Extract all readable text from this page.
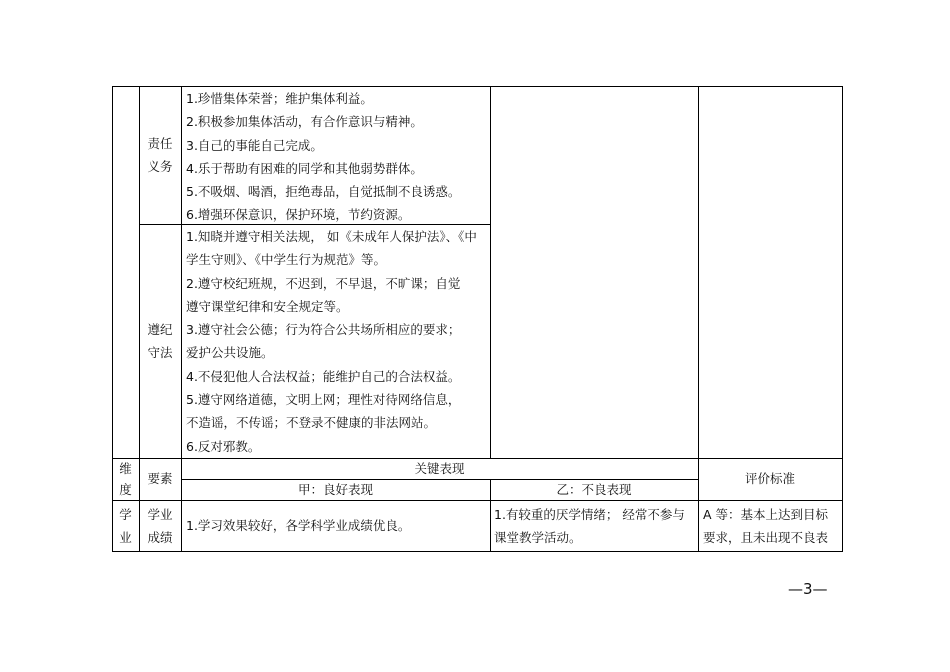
责任
义务
1.珍惜集体荣誉；维护集体利益。
2.积极参加集体活动，有合作意识与精神。
3.自己的事能自己完成。
4.乐于帮助有困难的同学和其他弱势群体。
5.不吸烟、喝酒，拒绝毒品，自觉抵制不良诱惑。
6.增强环保意识，保护环境，节约资源。
遵纪
守法
1.知晓并遵守相关法规， 如《未成年人保护法》、《中
学生守则》、《中学生行为规范》等。
2.遵守校纪班规，不迟到，不早退，不旷课；自觉
遵守课堂纪律和安全规定等。
3.遵守社会公德；行为符合公共场所相应的要求；
爱护公共设施。
4.不侵犯他人合法权益；能维护自己的合法权益。
5.遵守网络道德，文明上网；理性对待网络信息，
不造谣，不传谣；不登录不健康的非法网站。
6.反对邪教。
维
度
要素
关键表现
甲：良好表现	乙：不良表现
评价标准
学
业
学业
成绩
1.学习效果较好，各学科学业成绩优良。
1.有较重的厌学情绪； 经常不参与
课堂教学活动。
A 等：基本上达到目标
要求，且未出现不良表
—3—
